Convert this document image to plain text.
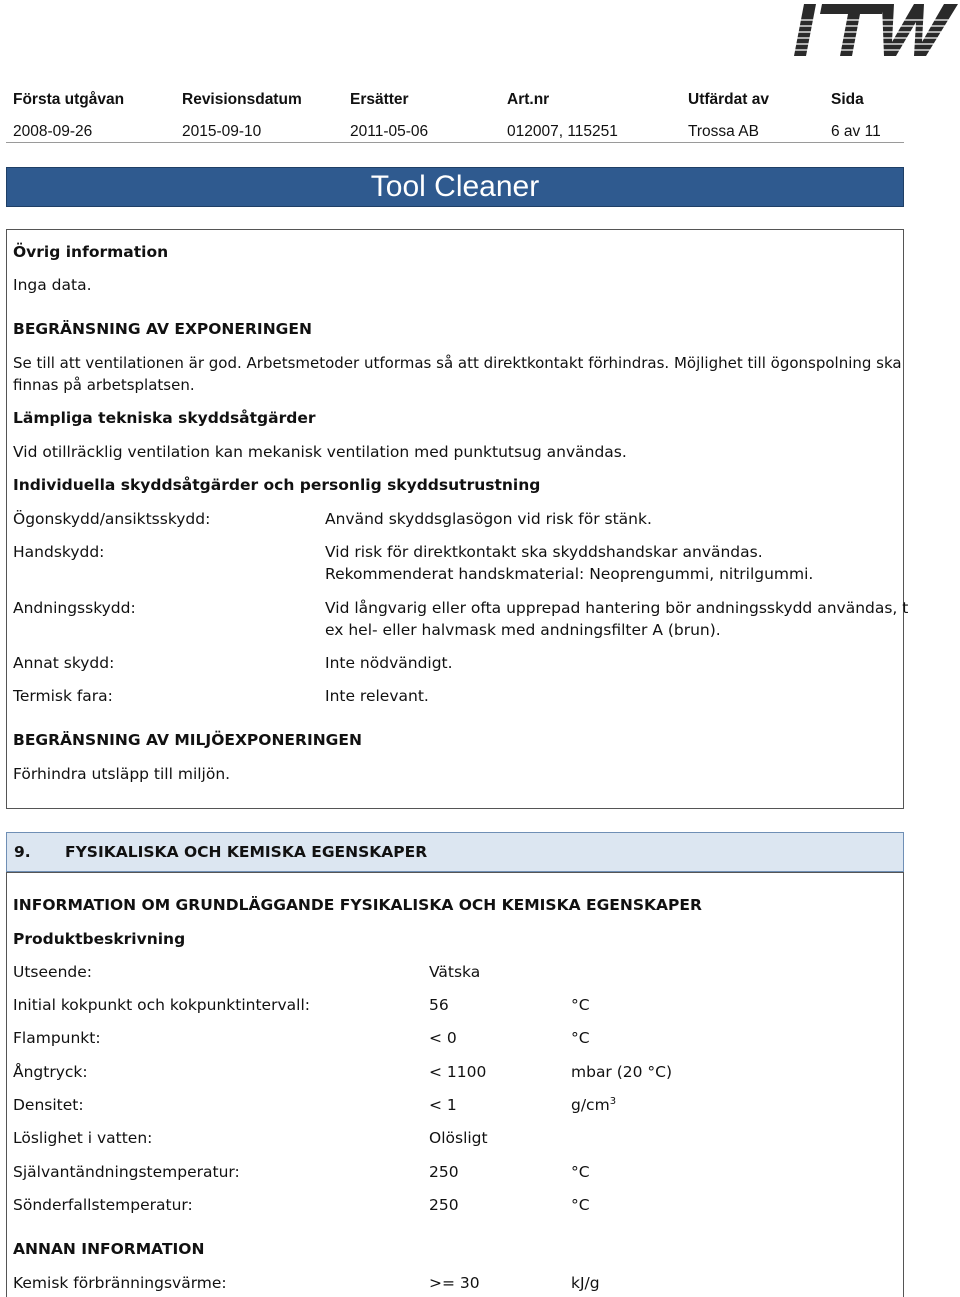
Första utgåvan	Revisionsdatum	Ersätter	Art.nr	Utfärdat av	Sida
2008-09-26	2015-09-10	2011-05-06	012007, 115251	Trossa AB	6 av 11
Tool Cleaner
Övrig information
Inga data.
BEGRÄNSNING AV EXPONERINGEN
Se till att ventilationen är god. Arbetsmetoder utformas så att direktkontakt förhindras. Möjlighet till ögonspolning ska
finnas på arbetsplatsen.
Lämpliga tekniska skyddsåtgärder
Vid otillräcklig ventilation kan mekanisk ventilation med punktutsug användas.
Individuella skyddsåtgärder och personlig skyddsutrustning
Ögonskydd/ansiktsskydd:	Använd skyddsglasögon vid risk för stänk.
Handskydd:	Vid risk för direktkontakt ska skyddshandskar användas.
Rekommenderat handskmaterial: Neoprengummi, nitrilgummi.
Andningsskydd:	Vid långvarig eller ofta upprepad hantering bör andningsskydd användas, t
ex hel- eller halvmask med andningsfilter A (brun).
Annat skydd:	Inte nödvändigt.
Termisk fara:	Inte relevant.
BEGRÄNSNING AV MILJÖEXPONERINGEN
Förhindra utsläpp till miljön.
9. FYSIKALISKA OCH KEMISKA EGENSKAPER
INFORMATION OM GRUNDLÄGGANDE FYSIKALISKA OCH KEMISKA EGENSKAPER
Produktbeskrivning
Utseende:	Vätska
Initial kokpunkt och kokpunktintervall:	56	°C
Flampunkt:	< 0	°C
Ångtryck:	< 1100	mbar (20 °C)
Densitet:	< 1	$g/cm^3$
Löslighet i vatten:	Olösligt
Självantändningstemperatur:	250	°C
Sönderfallstemperatur:	250	°C
ANNAN INFORMATION
Kemisk förbränningsvärme:	>= 30	kJ/g
